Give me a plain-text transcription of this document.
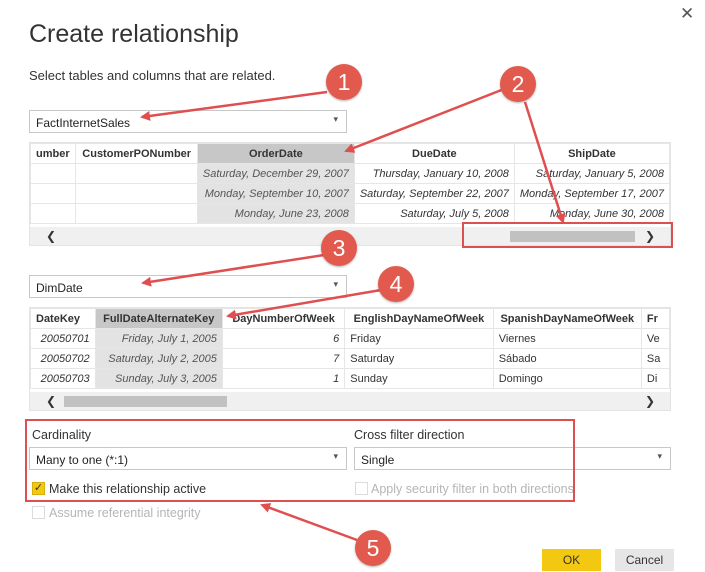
Create relationship
✕
Select tables and columns that are related.
FactInternetSales	▾
umber	CustomerPONumber	OrderDate	DueDate	ShipDate
		Saturday, December 29, 2007	Thursday, January 10, 2008	Saturday, January 5, 2008
		Monday, September 10, 2007	Saturday, September 22, 2007	Monday, September 17, 2007
		Monday, June 23, 2008	Saturday, July 5, 2008	Monday, June 30, 2008
❮	❯
DimDate	▾
DateKey	FullDateAlternateKey	DayNumberOfWeek	EnglishDayNameOfWeek	SpanishDayNameOfWeek	Fr
20050701	Friday, July 1, 2005	6	Friday	Viernes	Ve
20050702	Saturday, July 2, 2005	7	Saturday	Sábado	Sa
20050703	Sunday, July 3, 2005	1	Sunday	Domingo	Di
❮	❯
Cardinality
Many to one (*:1)	▾
Cross filter direction
Single	▾
✓ Make this relationship active	Apply security filter in both directions
Assume referential integrity
OK	Cancel
1	2
3
4
5
